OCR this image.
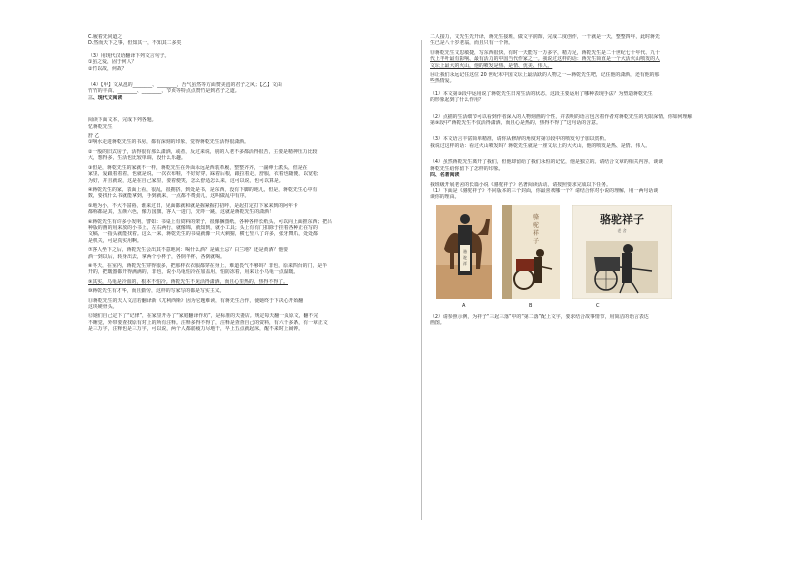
C.履着先同道之
D.然而天下之事，但知其一，不知其二多矣
（3）用现代汉语翻译下列文言句子。
①虽之爱，固于何人？
②竹以故，何故？
（4）【甲】文从邕的________、________，吾气虽然等方面赞美邕的君子之风；【乙】文由
竹竹的丰苗、________、________，节贞等特点点赞竹是到君子之道。
三、现代文阅读
阅读下面文本，完成下列各题。
忆蒋乾先生
舒 乙
①响水走进蒋乾先生的书房，都有深刻的印象，觉得蒋乾先生活得很潇洒。
②一般的旧式房子，活得很有那么潇洒，或者，反过来说，别的人老不多都活得很苦，主要是精神压力比较
大，想得多，生活也比较单调，没什么乐趣。
③但是，蒋乾先生的家就不一样，蒋乾先生在外面永远是西装革履，整整齐齐，一副绅士派头，但是在
家里，爱跟着着着，也就是说，一次衣布鞋，不好好穿，踩着后根，跟拉着走，舒服，衣着也随便，以宽松
为好，并且就说，这是在自己家里，要着便笑，怎么舒适怎么来，这可以说，也可以算是。
④蒋乾先生的家，表面上看，很乱，很拥挤，到处是书，是东西，没有下脚的地儿，但是，蒋乾先生心中有
数，要找什么书就能拿到，手到就来，一点都不费劲儿，这叫做乱中有序。
⑤地为小，不大不富裕，谁来过日，见面都就和就是握紧握打招呼，是起打定打下家来到的阿年卡
都称都是其，五颜六色，像万国旗，客人一进门，先吓一跳，这就是蒋乾先生的潇洒！
⑥蒋乾先生有许多小发明，譬如：书桌上有资料的架子，很像捆图纸，各种各样长纸头，可以向上面推东西；把吕
种版的画的用来放的小书上，左右两行，就像锦，就知到，就小工具；头上有有门扣除于挂着各种正在写的
文稿，一指头就能找着。这么一来，蒋乾先生的书桌就像一只大刺猬，横七竖八了许多，张牙舞爪，处处都
是机关，可是真实用啊。
⑦客人坐下之后，蒋乾先生会出其不意地问：喝什么酒？是威士忌？白兰地？还是黄酒？他要
酒一到以后，转身出去，拿两个小杯子，各倒半杯，各倒就喝。
⑧冬天，在室内，蒋乾先生穿得很多，把那样衣衣服都穿在身上，难道畏气不够吗？非也，原来四台的门，是半
开的，把暖器都开得满满的，非也，说小乌龟怕冷在加盖用，怕防冻着，用来让小乌龟一点温暖。
⑨其实，乌龟是冷血的，根本不怕冷。蒋乾先生不见活得潇洒，而且心里热的，热得不得了。
⑩蒋乾先生有才华，而且勤劳，这样的写家写的都是写实主义。
⑪蒋乾先生的夫人文洁若翻译新《尤利西斯》因为它题难读，有蒋先生合作，使她终于下决心开始翻
这块硬骨头。
⑫她们自己定下了“记律”，在家里开办了“家庭翻译作坊”，是标准的夫妻店。规定每天翻一页原文，翻不完
不睡觉，外带要查找原有对上的所有注释。注释多得不得了，注释是查查自己的资料，有六千多条，有一章正文
是三万字，注释也是三万字，可以说，两个人都筋疲力尽地干，早上五点就起床，醒不来时上闹钟。
二人接力，文先生先开译，蒋先生接班，做文字润饰，完成二度创作，一干就是一天，整整四年，此时蒋先
生已是八十岁老翁，而且只有一个肾。
⑬蒋乾先生文思敏捷，写东西很快，有时一天能写一万多字，精力足，蒋乾先生是二十世纪七十年代、九十
代上半叶最有影响、最有活力的中国当代作家之一。我说过这样的话：蒋先生简直是一个大活火山喷发的人
文坛上最大的火山，他的喷发是热、是情、优美、伟人。
⑭让我们永远记住这位 20 世纪末中国文坛上最活跃的人物之一—蒋乾先生吧，记住他的潇洒，还有他的那
些热情爱。
（1）本文第③段中运用说了蒋乾先生日常生活的状态，这段主要运用了哪种表现手法？为塑造蒋乾先生
的形象起到了什么作用？
（2）点描的生活细节可以看到作者深入的人物刻画的个性，并表明的语言包含着作者对蒋乾先生的无限深情，你如何理解
第⑨段中“蒋乾先生不仅活得潇洒，而且心是热的，热得不得了”这句话的含意。
（3）本文语言丰富简单精准，请你从修辞的角度对第⑬段中的喷发句子加以赏析。
我说过这样的话：看过火山喷发吗？蒋乾先生就是一座文坛上的大火山，他的喷发是热、是情、伟人。
（4）虽然蒋乾先生离开了我们，但他却留给了我们永恒的记忆，他是独立的。请结合文章的相关内容，谈谈
蒋乾先生给你留下了怎样的印象。
四、名著阅读
我班级开展老舍的长篇小说《骆驼祥子》名著阅读活动，请按照要求完成以下任务。
（1）下面是《骆驼祥子》不同版本的三个封面，你最喜欢哪一个？请结合你对小说的理解，用一两句话谈
谈你的理由。
骆
驼
祥
骆
驼
祥
子
骆驼祥子
老 舍
A	B	C
（2）请参照示例，为祥子“三起三落”中的“第二落”配上文字，要求结合故事情节，用简洁的语言表达
画图。
